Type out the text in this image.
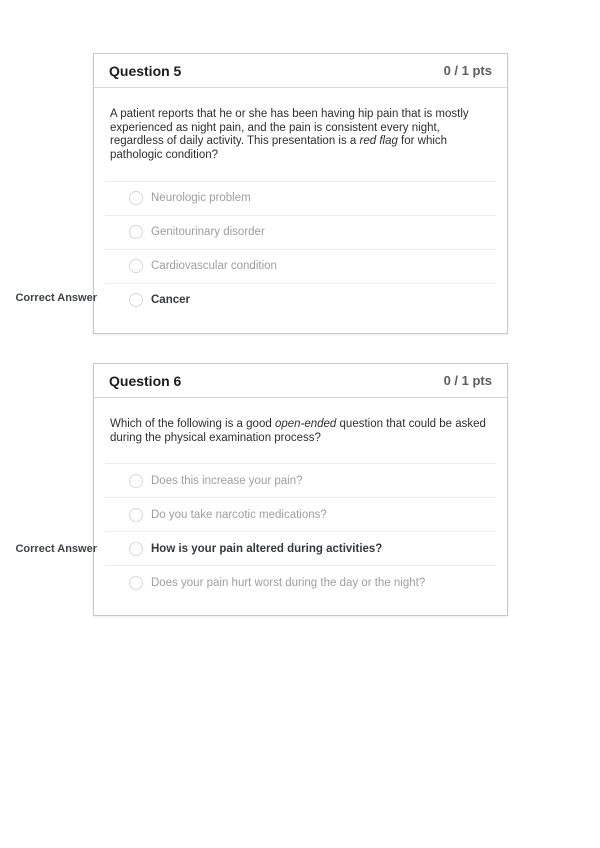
Question 5	0 / 1 pts

A patient reports that he or she has been having hip pain that is mostly experienced as night pain, and the pain is consistent every night, regardless of daily activity. This presentation is a red flag for which pathologic condition?

Neurologic problem
Genitourinary disorder
Cardiovascular condition
Cancer
Question 6	0 / 1 pts

Which of the following is a good open-ended question that could be asked during the physical examination process?

Does this increase your pain?
Do you take narcotic medications?
How is your pain altered during activities?
Does your pain hurt worst during the day or the night?
Correct Answer
Correct Answer
